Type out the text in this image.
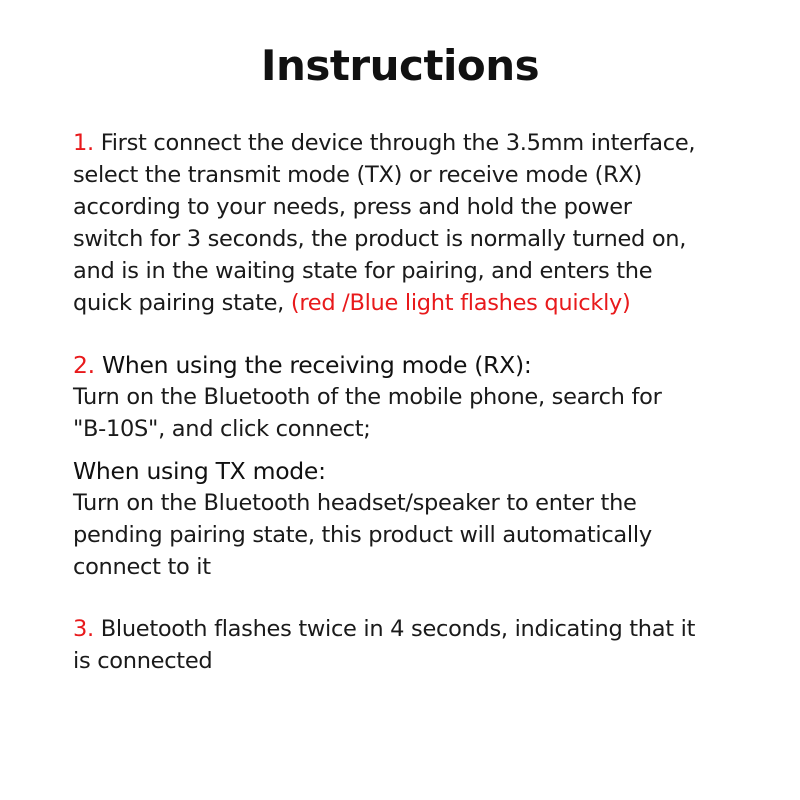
Instructions

1. First connect the device through the 3.5mm interface,

select the transmit mode (TX) or receive mode (RX)

according to your needs, press and hold the power

switch for 3 seconds, the product is normally turned on,

and is in the waiting state for pairing, and enters the

quick pairing state, (red /Blue light flashes quickly)

2. When using the receiving mode (RX):

Turn on the Bluetooth of the mobile phone, search for

"B-10S", and click connect;

When using TX mode:

Turn on the Bluetooth headset/speaker to enter the

pending pairing state, this product will automatically

connect to it

3. Bluetooth flashes twice in 4 seconds, indicating that it

is connected
